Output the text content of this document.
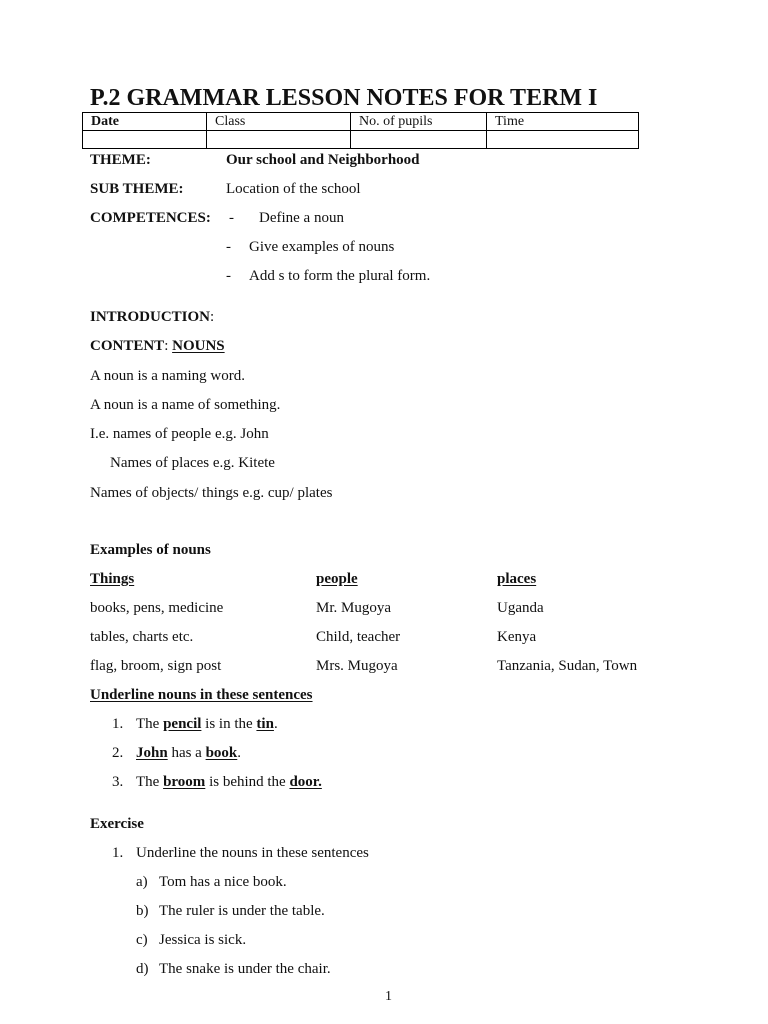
P.2 GRAMMAR LESSON NOTES FOR TERM I
Date	Class	No. of pupils	Time

THEME:	Our school and Neighborhood
SUB THEME:	Location of the school
COMPETENCES: - Define a noun
- Give examples of nouns
- Add s to form the plural form.
INTRODUCTION:
CONTENT: NOUNS
A noun is a naming word.
A noun is a name of something.
I.e. names of people e.g. John
Names of places e.g. Kitete
Names of objects/ things e.g. cup/ plates
Examples of nouns
Things	people	places
books, pens, medicine	Mr. Mugoya	Uganda
tables, charts etc.	Child, teacher	Kenya
flag, broom, sign post	Mrs. Mugoya	Tanzania, Sudan, Town
Underline nouns in these sentences
1. The pencil is in the tin.
2. John has a book.
3. The broom is behind the door.
Exercise
1. Underline the nouns in these sentences
a) Tom has a nice book.
b) The ruler is under the table.
c) Jessica is sick.
d) The snake is under the chair.
1
